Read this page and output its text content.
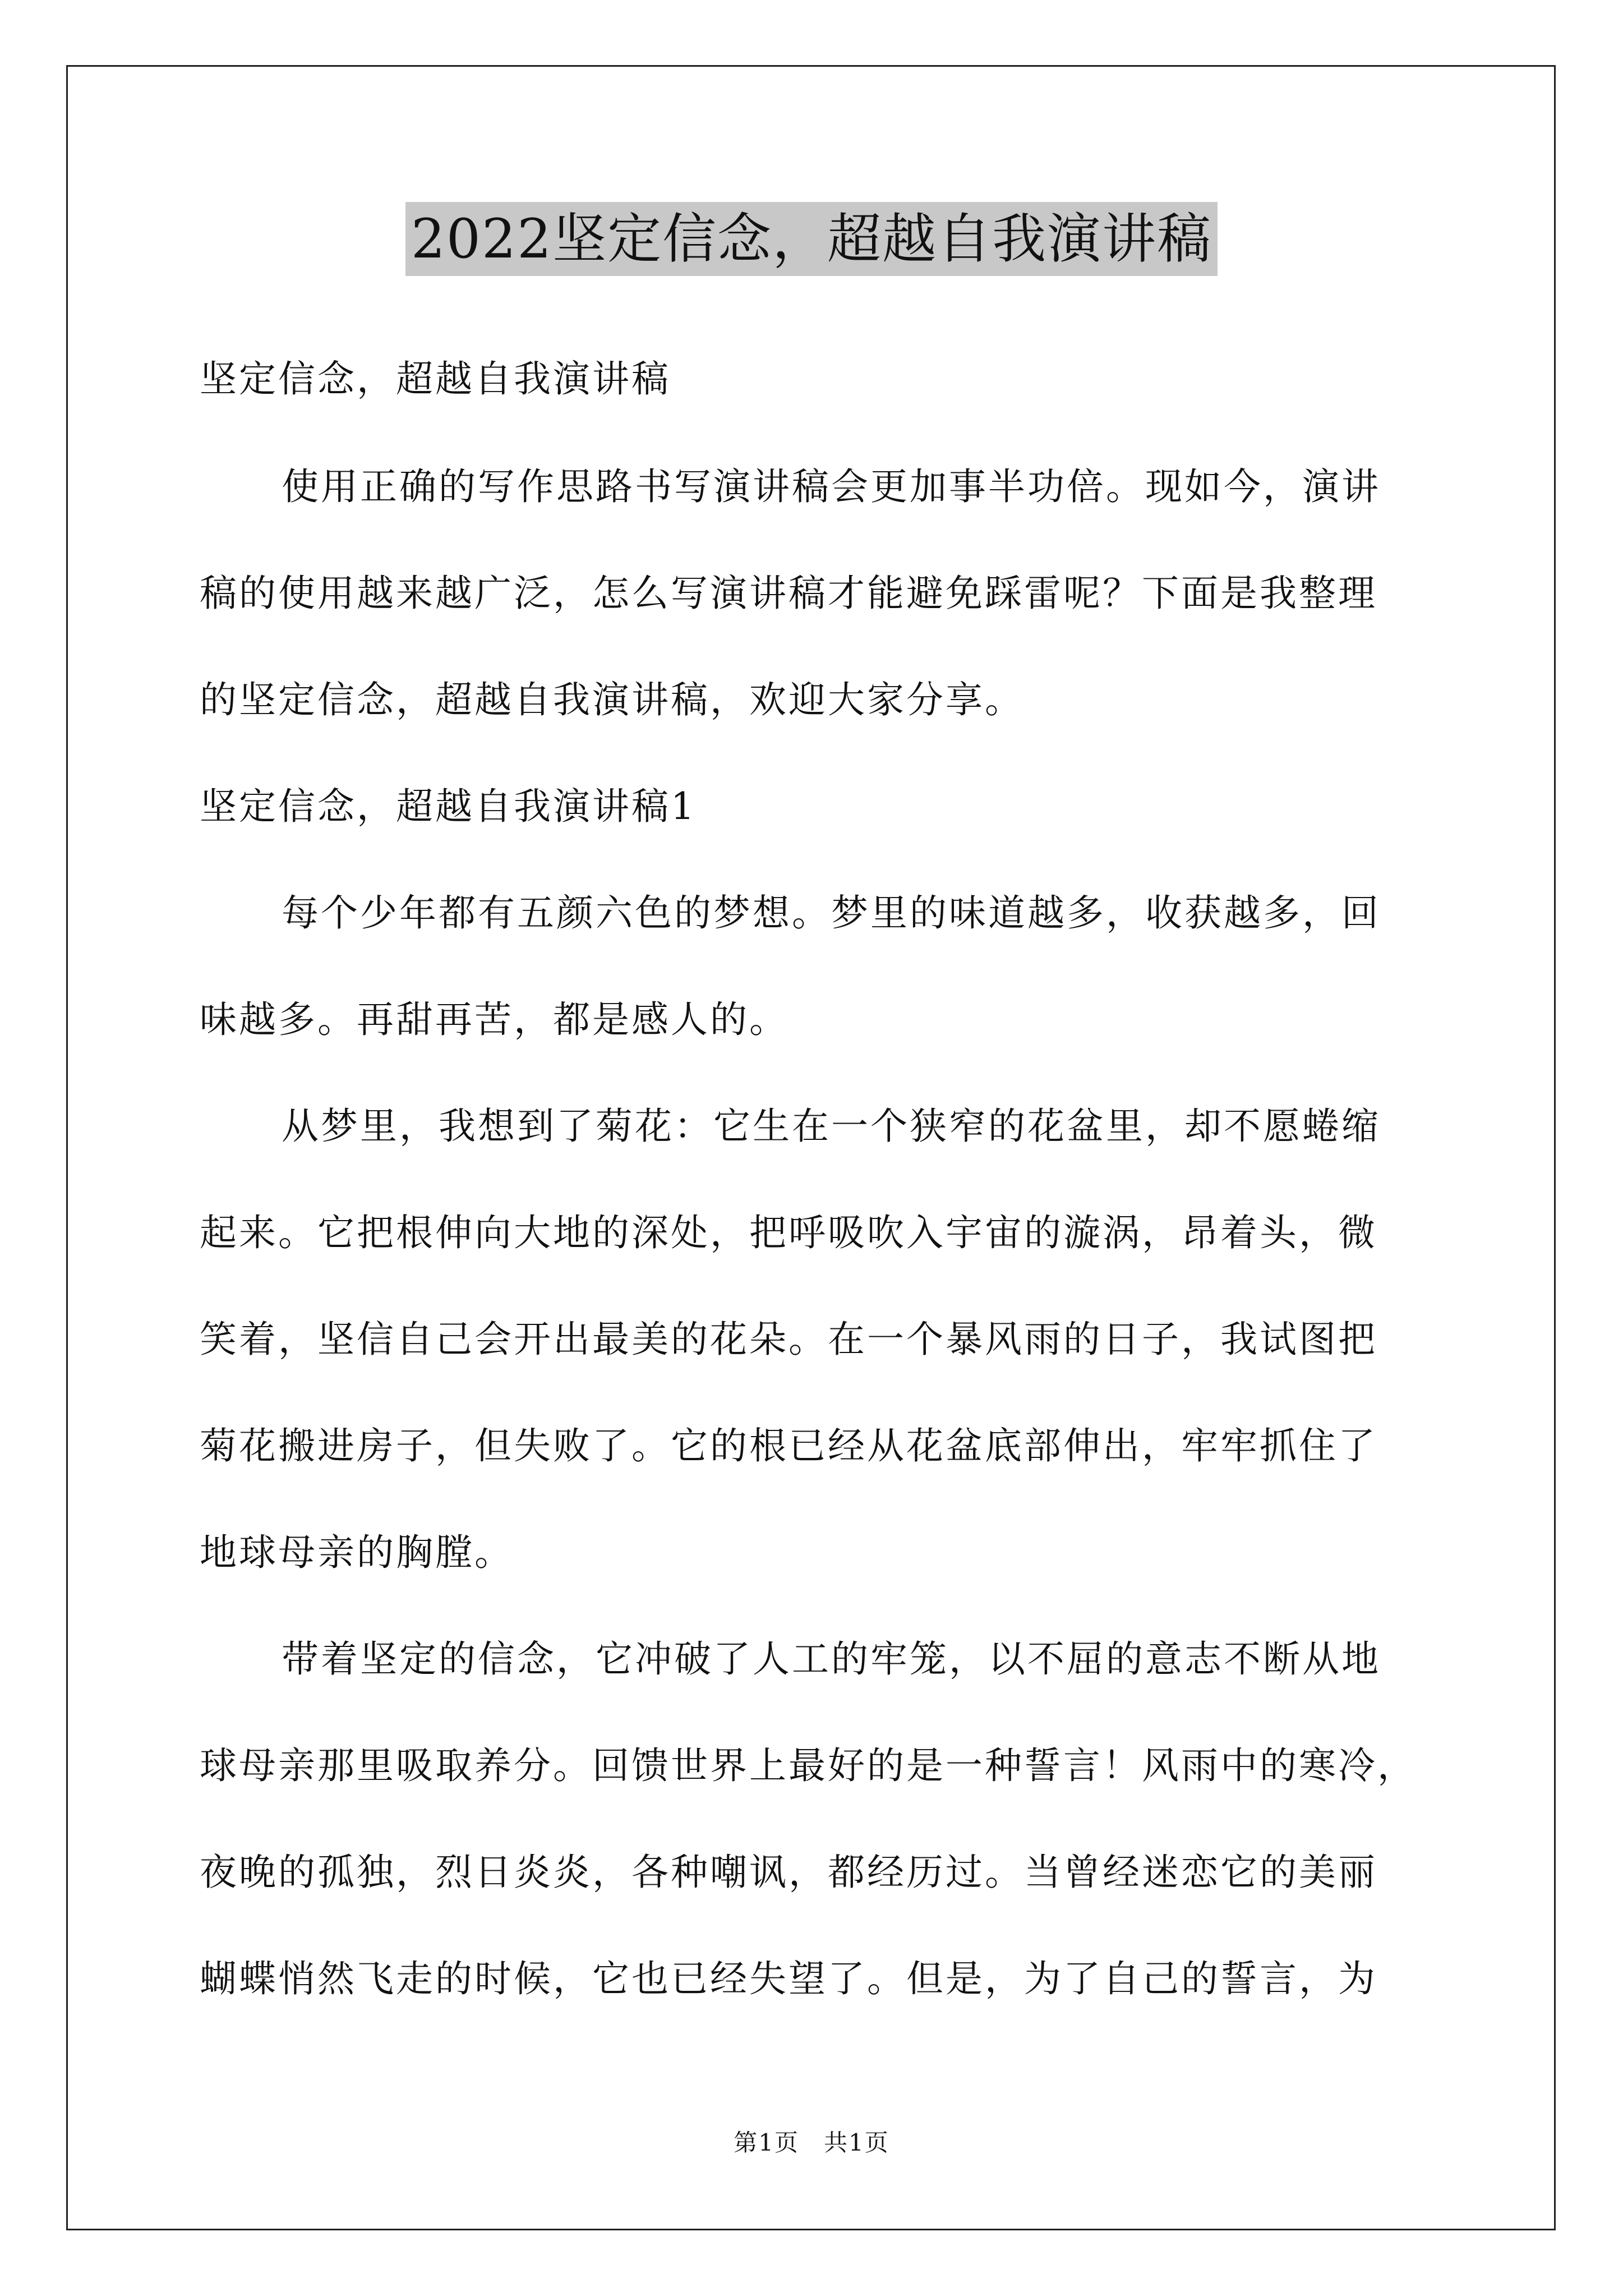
2022坚定信念，超越自我演讲稿
坚定信念，超越自我演讲稿
使用正确的写作思路书写演讲稿会更加事半功倍。现如今，演讲
稿的使用越来越广泛，怎么写演讲稿才能避免踩雷呢？下面是我整理
的坚定信念，超越自我演讲稿，欢迎大家分享。
坚定信念，超越自我演讲稿1
每个少年都有五颜六色的梦想。梦里的味道越多，收获越多，回
味越多。再甜再苦，都是感人的。
从梦里，我想到了菊花：它生在一个狭窄的花盆里，却不愿蜷缩
起来。它把根伸向大地的深处，把呼吸吹入宇宙的漩涡，昂着头，微
笑着，坚信自己会开出最美的花朵。在一个暴风雨的日子，我试图把
菊花搬进房子，但失败了。它的根已经从花盆底部伸出，牢牢抓住了
地球母亲的胸膛。
带着坚定的信念，它冲破了人工的牢笼，以不屈的意志不断从地
球母亲那里吸取养分。回馈世界上最好的是一种誓言！风雨中的寒冷，
夜晚的孤独，烈日炎炎，各种嘲讽，都经历过。当曾经迷恋它的美丽
蝴蝶悄然飞走的时候，它也已经失望了。但是，为了自己的誓言，为
第1页　共1页
